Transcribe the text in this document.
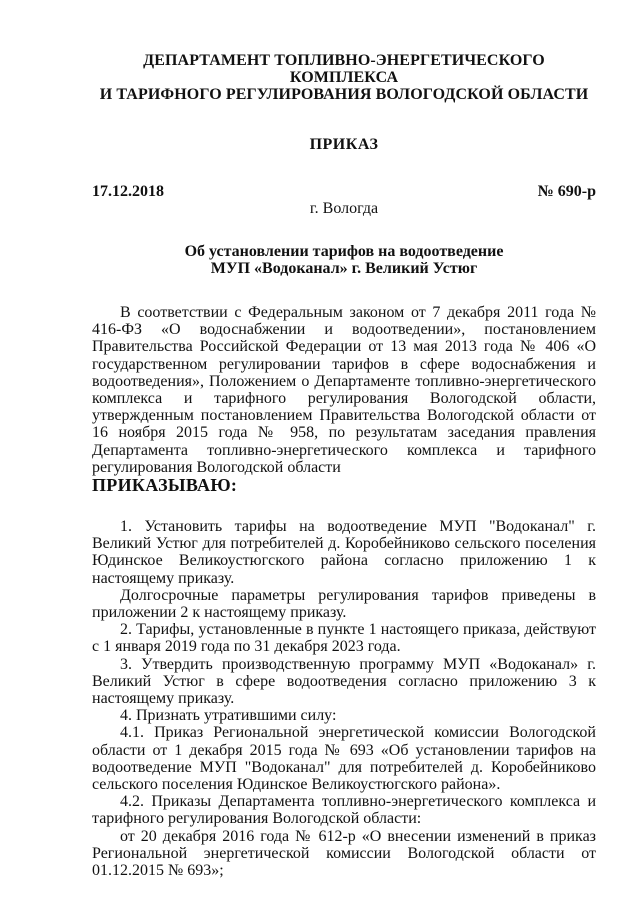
ДЕПАРТАМЕНТ ТОПЛИВНО-ЭНЕРГЕТИЧЕСКОГО КОМПЛЕКСА
И ТАРИФНОГО РЕГУЛИРОВАНИЯ ВОЛОГОДСКОЙ ОБЛАСТИ
ПРИКАЗ
17.12.2018	№ 690-р
г. Вологда
Об установлении тарифов на водоотведение
МУП «Водоканал» г. Великий Устюг

В соответствии с Федеральным законом от 7 декабря 2011 года № 416-ФЗ «О водоснабжении и водоотведении», постановлением Правительства Российской Федерации от 13 мая 2013 года № 406 «О государственном регулировании тарифов в сфере водоснабжения и водоотведения», Положением о Департаменте топливно-энергетического комплекса и тарифного регулирования Вологодской области, утвержденным постановлением Правительства Вологодской области от 16 ноября 2015 года № 958, по результатам заседания правления Департамента топливно-энергетического комплекса и тарифного регулирования Вологодской области

ПРИКАЗЫВАЮ:

1. Установить тарифы на водоотведение МУП "Водоканал" г. Великий Устюг для потребителей д. Коробейниково сельского поселения Юдинское Великоустюгского района согласно приложению 1 к настоящему приказу.

Долгосрочные параметры регулирования тарифов приведены в приложении 2 к настоящему приказу.

2. Тарифы, установленные в пункте 1 настоящего приказа, действуют с 1 января 2019 года по 31 декабря 2023 года.

3. Утвердить производственную программу МУП «Водоканал» г. Великий Устюг в сфере водоотведения согласно приложению 3 к настоящему приказу.

4. Признать утратившими силу:

4.1. Приказ Региональной энергетической комиссии Вологодской области от 1 декабря 2015 года № 693 «Об установлении тарифов на водоотведение МУП "Водоканал" для потребителей д. Коробейниково сельского поселения Юдинское Великоустюгского района».

4.2. Приказы Департамента топливно-энергетического комплекса и тарифного регулирования Вологодской области:

от 20 декабря 2016 года № 612-р «О внесении изменений в приказ Региональной энергетической комиссии Вологодской области от 01.12.2015 № 693»;
